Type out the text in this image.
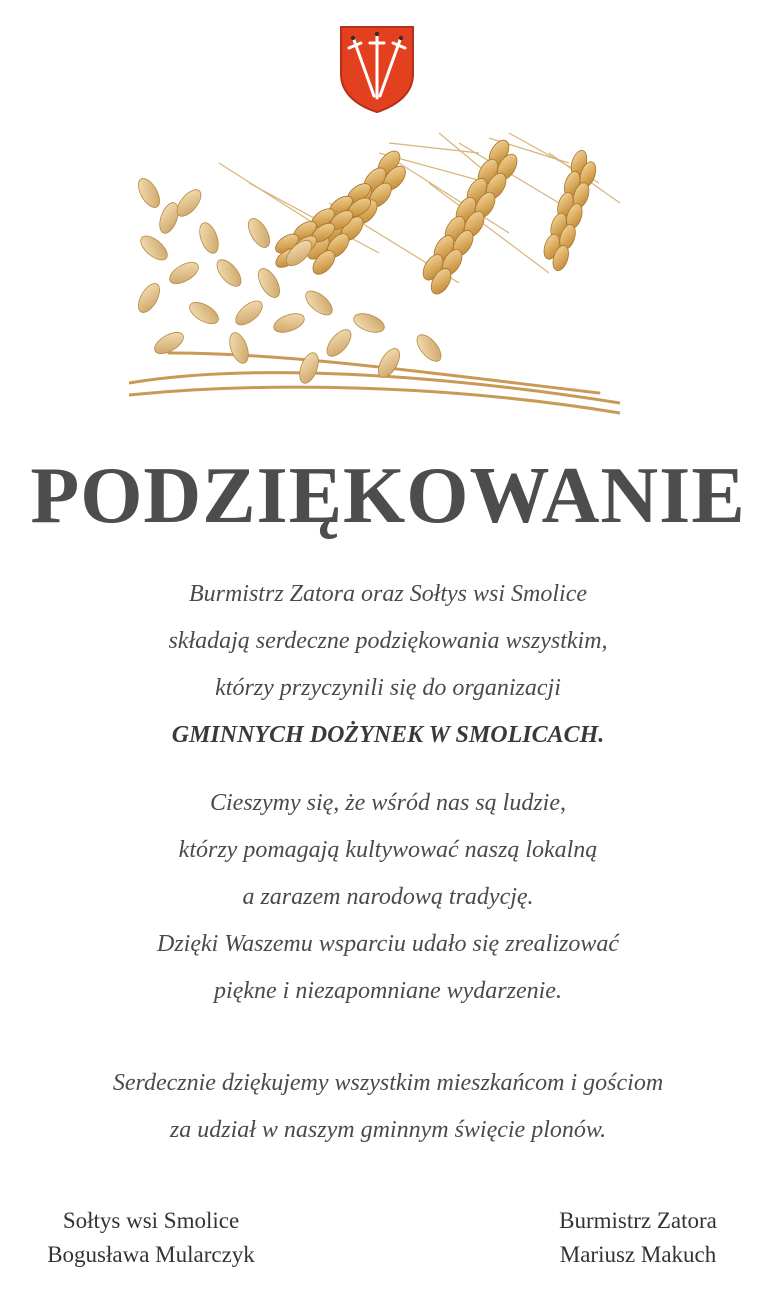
PODZIĘKOWANIE
Burmistrz Zatora oraz Sołtys wsi Smolice
składają serdeczne podziękowania wszystkim,
którzy przyczynili się do organizacji
GMINNYCH DOŻYNEK W SMOLICACH.
Cieszymy się, że wśród nas są ludzie,
którzy pomagają kultywować naszą lokalną
a zarazem narodową tradycję.
Dzięki Waszemu wsparciu udało się zrealizować
piękne i niezapomniane wydarzenie.
Serdecznie dziękujemy wszystkim mieszkańcom i gościom
za udział w naszym gminnym święcie plonów.
Sołtys wsi Smolice
Bogusława Mularczyk
Burmistrz Zatora
Mariusz Makuch
